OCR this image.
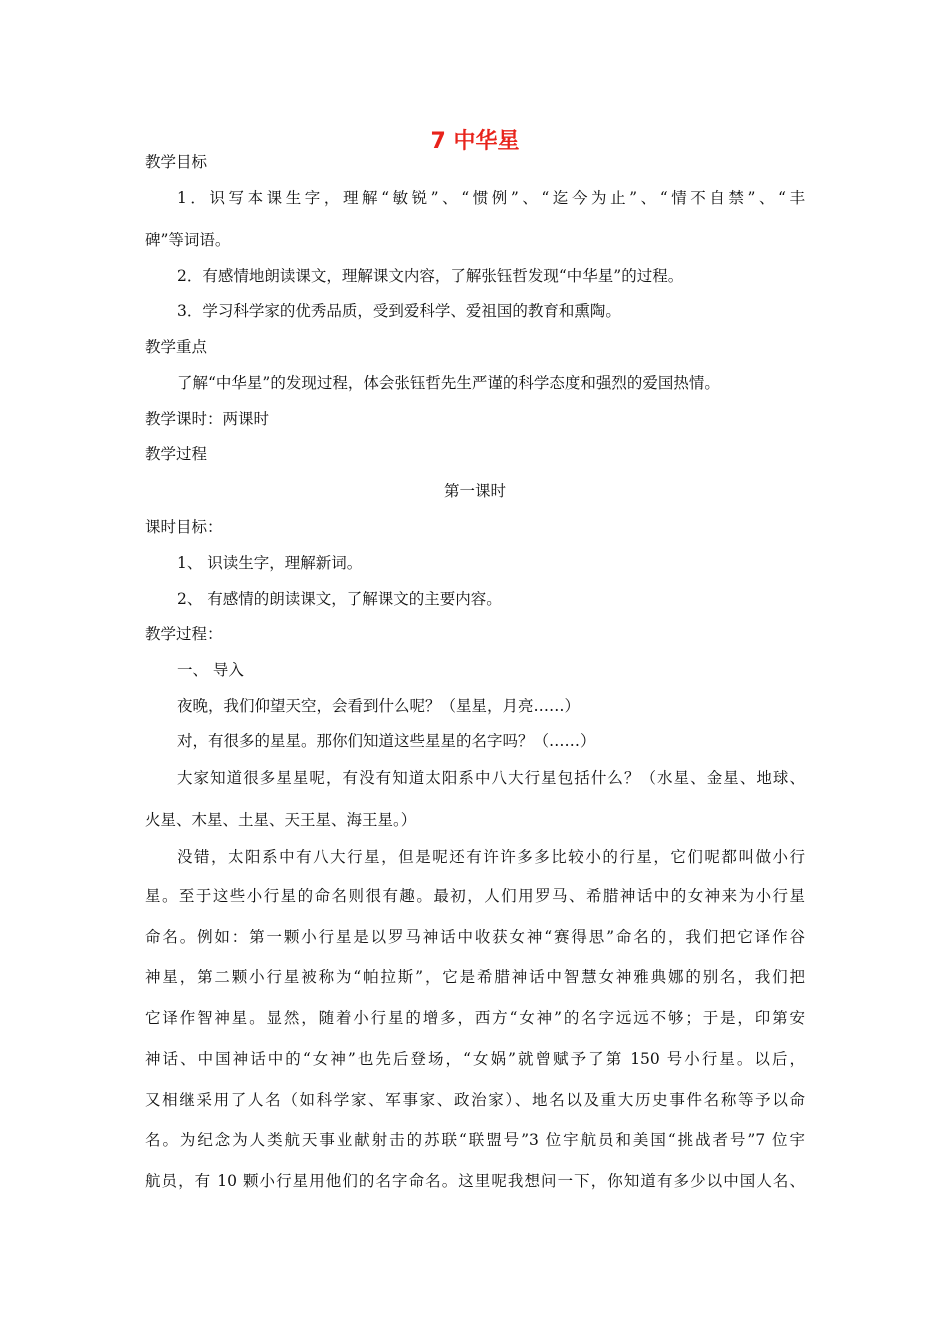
7 中华星
教学目标
1．识写本课生字，理解“敏锐”、“惯例”、“迄今为止”、“情不自禁”、“丰
碑”等词语。
2．有感情地朗读课文，理解课文内容，了解张钰哲发现“中华星”的过程。
3．学习科学家的优秀品质，受到爱科学、爱祖国的教育和熏陶。
教学重点
了解“中华星”的发现过程，体会张钰哲先生严谨的科学态度和强烈的爱国热情。
教学课时：两课时
教学过程
第一课时
课时目标：
1、 识读生字，理解新词。
2、 有感情的朗读课文，了解课文的主要内容。
教学过程：
一、 导入
夜晚，我们仰望天空，会看到什么呢？（星星，月亮……）
对，有很多的星星。那你们知道这些星星的名字吗？（……）
大家知道很多星星呢，有没有知道太阳系中八大行星包括什么？（水星、金星、地球、
火星、木星、土星、天王星、海王星。）
没错，太阳系中有八大行星，但是呢还有许许多多比较小的行星，它们呢都叫做小行
星。至于这些小行星的命名则很有趣。最初，人们用罗马、希腊神话中的女神来为小行星
命名。例如：第一颗小行星是以罗马神话中收获女神“赛得思”命名的，我们把它译作谷
神星，第二颗小行星被称为“帕拉斯”，它是希腊神话中智慧女神雅典娜的别名，我们把
它译作智神星。显然，随着小行星的增多，西方“女神”的名字远远不够；于是，印第安
神话、中国神话中的“女神”也先后登场，“女娲”就曾赋予了第 150 号小行星。以后，
又相继采用了人名（如科学家、军事家、政治家）、地名以及重大历史事件名称等予以命
名。为纪念为人类航天事业献射击的苏联“联盟号”3 位宇航员和美国“挑战者号”7 位宇
航员，有 10 颗小行星用他们的名字命名。这里呢我想问一下，你知道有多少以中国人名、
